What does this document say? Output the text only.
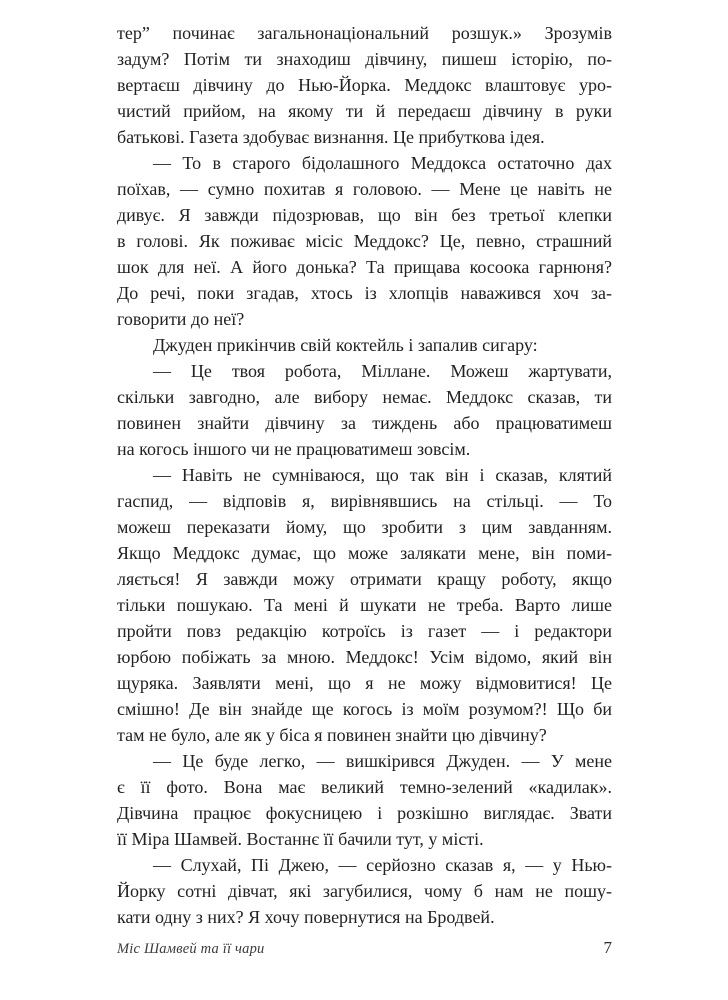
тер” починає загальнонаціональний розшук.» Зрозумів
задум? Потім ти знаходиш дівчину, пишеш історію, по-
вертаєш дівчину до Нью-Йорка. Меддокс влаштовує уро-
чистий прийом, на якому ти й передаєш дівчину в руки
батькові. Газета здобуває визнання. Це прибуткова ідея.
— То в старого бідолашного Меддокса остаточно дах
поїхав, — сумно похитав я головою. — Мене це навіть не
дивує. Я завжди підозрював, що він без третьої клепки
в голові. Як поживає місіс Меддокс? Це, певно, страшний
шок для неї. А його донька? Та прищава косоока гарнюня?
До речі, поки згадав, хтось із хлопців наважився хоч за-
говорити до неї?
Джуден прикінчив свій коктейль і запалив сигару:
— Це твоя робота, Міллане. Можеш жартувати,
скільки завгодно, але вибору немає. Меддокс сказав, ти
повинен знайти дівчину за тиждень або працюватимеш
на когось іншого чи не працюватимеш зовсім.
— Навіть не сумніваюся, що так він і сказав, клятий
гаспид, — відповів я, вирівнявшись на стільці. — То
можеш переказати йому, що зробити з цим завданням.
Якщо Меддокс думає, що може залякати мене, він поми-
ляється! Я завжди можу отримати кращу роботу, якщо
тільки пошукаю. Та мені й шукати не треба. Варто лише
пройти повз редакцію котроїсь із газет — і редактори
юрбою побіжать за мною. Меддокс! Усім відомо, який він
щуряка. Заявляти мені, що я не можу відмовитися! Це
смішно! Де він знайде ще когось із моїм розумом?! Що би
там не було, але як у біса я повинен знайти цю дівчину?
— Це буде легко, — вишкірився Джуден. — У мене
є її фото. Вона має великий темно-зелений «кадилак».
Дівчина працює фокусницею і розкішно виглядає. Звати
її Міра Шамвей. Востаннє її бачили тут, у місті.
— Слухай, Пі Джею, — серйозно сказав я, — у Нью-
Йорку сотні дівчат, які загубилися, чому б нам не пошу-
кати одну з них? Я хочу повернутися на Бродвей.
Міс Шамвей та її чари	7
